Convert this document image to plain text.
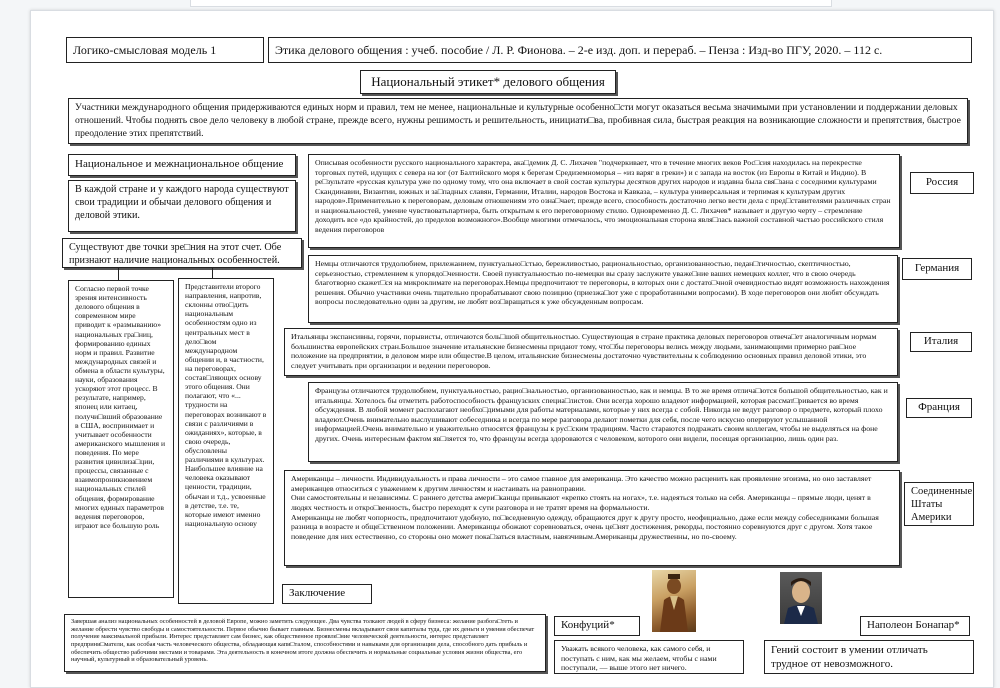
Логико-смысловая модель 1	Этика делового общения : учеб. пособие / Л. Р. Фионова. – 2-е изд. доп. и перераб. – Пенза : Изд-во ПГУ, 2020. – 112 с.
Национальный этикет* делового общения
Участники международного общения придерживаются единых норм и правил, тем не менее, национальные и культурные особенно□сти могут оказаться весьма значимыми при установлении и поддержании деловых отношений. Чтобы поднять свое дело человеку в любой стране, прежде всего, нужны решимость и решительность, инициати□ва, пробивная сила, быстрая реакция на возникающие сложности и препятствия, быстрое преодоление этих препятствий.
Национальное и межнациональное общение
В каждой стране и у каждого народа существуют свои традиции и обычаи делового общения и деловой этики.
Существуют две точки зре□ния на этот счет. Обе признают наличие национальных особенностей.
Согласно первой точке зрения интенсивность делового общения в современном мире приводит к «размыванию» национальных гра□ниц, формированию единых норм и правил. Развитие международных связей и обмена в области культуры, науки, образования ускоряют этот процесс. В результате, например, японец или китаец, получи□вший образование в США, воспринимает и учитывает особенности американского мышления и поведения. По мере развития цивилиза□ции, процессы, связанные с взаимопроникновением национальных стилей общения, формирование многих единых параметров ведения переговоров, играют все большую роль
Представители второго направления, напротив, склонны отво□дить национальным особенностям одно из центральных мест в дело□вом международном общении и, в частности, на переговорах, состав□ляющих основу этого общения. Они полагают, что «... трудности на переговорах возникают в связи с различиями в ожиданиях», которые, в свою очередь, обусловлены различиями в культурах. Наибольшее влияние на человека оказывают ценности, традиции, обычаи и т.д., усвоенные в детстве, т.е. те, которые имеют именно национальную основу
Описывая особенности русского национального характера, ака□демик Д. С. Лихачев "подчеркивает, что в течение многих веков Рос□сия находилась на перекрестке торговых путей, идущих с севера на юг (от Балтийского моря к берегам Средиземноморья – «из варяг в греки») и с запада на восток (из Европы в Китай и Индию). В ре□зультате «русская культура уже по одному тому, что она включает в свой состав культуры десятков других народов и издавна была свя□зана с соседними культурами Скандинавии, Византии, южных и за□падных славян, Германии, Италии, народов Востока и Кавказа, – культура универсальная и терпимая к культурам других народов».Применительно к переговорам, деловым отношениям это озна□чает, прежде всего, способность достаточно легко вести дела с пред□ставителями различных стран и национальностей, умение чувствоватьпартнера, быть открытым к его переговорному стилю. Одновременно Д. С. Лихачев* называет и другую черту – стремление доходить все «до крайностей, до пределов возможного».Вообще многими отмечалось, что эмоциональная сторона явля□лась важной составной частью российского стиля ведения переговоров
Россия
Немцы отличаются трудолюбием, прилежанием, пунктуально□стью, бережливостью, рациональностью, организованностью, педан□тичностью, скептичностью, серьезностью, стремлением к упорядо□ченности. Своей пунктуальностью по-немецки вы сразу заслужите уваже□ние ваших немецких коллег, что в свою очередь благотворно скажет□ся на микроклимате на переговорах.Немцы предпочитают те переговоры, в которых они с достато□чной очевидностью видят возможность нахождения решения. Обычно участники очень тщательно прорабатывают свою позицию (приезжа□ют уже с проработанными вопросами). В ходе переговоров они любят обсуждать вопросы последовательно один за другим, не любят воз□вращаться к уже обсужденным вопросам.
Германия
Итальянцы экспансивны, горячи, порывисты, отличаются боль□шой общительностью. Существующая в стране практика деловых переговоров отвеча□ет аналогичным нормам большинства европейских стран.Большое значение итальянские бизнесмены придают тому, что□бы переговоры велись между людьми, занимающими примерно рав□ное положение на предприятии, в деловом мире или обществе.В целом, итальянские бизнесмены достаточно чувствительны к соблюдению основных правил деловой этики, это следует учитывать при организации и ведении переговоров.
Италия
Французы отличаются трудолюбием, пунктуальностью, рацио□нальностью, организованностью, как и немцы. В то же время отлича□ются большой общительностью, как и итальянцы. Хотелось бы отметить работоспособность французских специа□листов. Они всегда хорошо владеют информацией, которая рассмат□ривается во время обсуждения. В любой момент располагают необхо□димыми для работы материалами, которые у них всегда с собой. Никогда не ведут разговор о предмете, который плохо владеют.Очень внимательно выслушивают собеседника и всегда по мере разговора делают пометки для себя, после чего искусно оперируют услышанной информацией.Очень внимательно и уважительно относятся французы к рус□ским традициям. Часто стараются подражать своим коллегам, чтобы не выделяться на фоне других. Очень интересным фактом яв□ляется то, что французы всегда здороваются с человеком, которого они видели, посещая организацию, лишь один раз.
Франция
Американцы – личности. Индивидуальность и права личности – это самое главное для американца. Это качество можно расценить как проявление эгоизма, но оно заставляет американцев относиться с уважением к другим личностям и настаивать на равноправии.
Они самостоятельны и независимы. С раннего детства амери□канцы привыкают «крепко стоять на ногах», т.е. надеяться только на себя. Американцы – прямые люди, ценят в людях честность и откро□венность, быстро переходят к сути разговора и не тратят время на формальности.
Американцы не любят чопорность, предпочитают удобную, по□вседневную одежду, обращаются друг к другу просто, неофициально, даже если между собеседниками большая разница в возрасте и обще□ственном положении. Американцы обожают соревноваться, очень це□нят достижения, рекорды, постоянно соревнуются друг с другом. Хотя такое поведение для них естественно, со стороны оно может пока□заться властным, навязчивым.Американцы дружественны, но по-своему.
Соединенные Штаты Америки
Заключение
Завершая анализ национальных особенностей в деловой Европе, можно заметить следующее. Два чувства толкают людей в сферу бизнеса: желание разбога□теть и желание обрести чувство свободы и самостоятельности. Первое обычно бывает главным. Бизнесмены вкладывают свои капиталы туда, где их деньги и умения обеспечат получение максимальной прибыли. Интерес представляет сам бизнес, как общественное проявле□ние человеческой деятельности, интерес представляет предприни□матели, как особая часть человеческого общества, обладающая капи□талом, способностями и навыками для организации дела, способного дать прибыль и обеспечить общество рабочими местами и товарами. Эта деятельность в конечном итоге должна обеспечить и нормальные социальные условия жизни общества, его научный, культурный и образовательный уровень.
Конфуций*
Уважать всякого человека, как самого себя, и поступать с ним, как мы желаем, чтобы с нами поступали, — выше этого нет ничего.
Наполеон Бонапар*
Гений состоит в умении отличать трудное от невозможного.
